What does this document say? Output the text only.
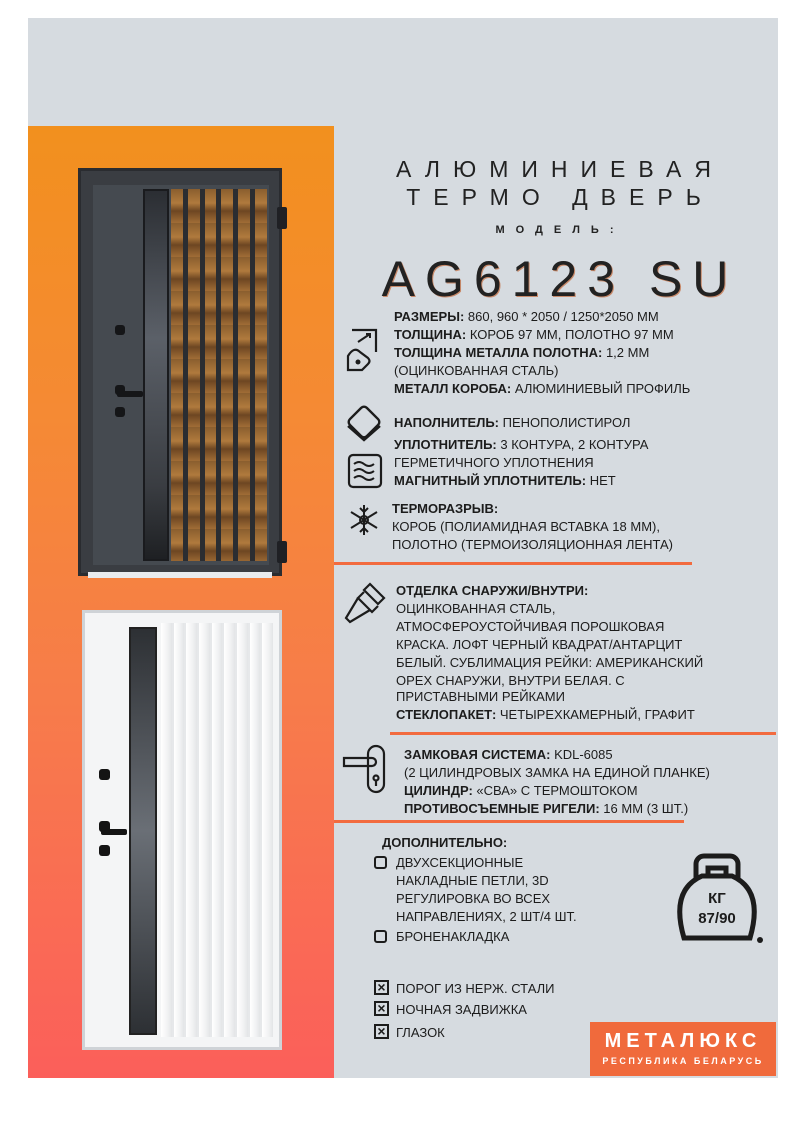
АЛЮМИНИЕВАЯ
ТЕРМО ДВЕРЬ
МОДЕЛЬ:
AG6123 SU
КГ
87/90
РАЗМЕРЫ: 860, 960 * 2050 / 1250*2050 ММ
ТОЛЩИНА: КОРОБ 97 ММ, ПОЛОТНО 97 ММ
ТОЛЩИНА МЕТАЛЛА ПОЛОТНА: 1,2 ММ
(ОЦИНКОВАННАЯ СТАЛЬ)
МЕТАЛЛ КОРОБА: АЛЮМИНИЕВЫЙ ПРОФИЛЬ
НАПОЛНИТЕЛЬ: ПЕНОПОЛИСТИРОЛ
УПЛОТНИТЕЛЬ: 3 КОНТУРА, 2 КОНТУРА
ГЕРМЕТИЧНОГО УПЛОТНЕНИЯ
МАГНИТНЫЙ УПЛОТНИТЕЛЬ: НЕТ
ТЕРМОРАЗРЫВ:
КОРОБ (ПОЛИАМИДНАЯ ВСТАВКА 18 ММ),
ПОЛОТНО (ТЕРМОИЗОЛЯЦИОННАЯ ЛЕНТА)
ОТДЕЛКА СНАРУЖИ/ВНУТРИ:
ОЦИНКОВАННАЯ СТАЛЬ,
АТМОСФЕРОУСТОЙЧИВАЯ ПОРОШКОВАЯ
КРАСКА. ЛОФТ ЧЕРНЫЙ КВАДРАТ/АНТАРЦИТ
БЕЛЫЙ. СУБЛИМАЦИЯ РЕЙКИ: АМЕРИКАНСКИЙ
ОРЕХ СНАРУЖИ, ВНУТРИ БЕЛАЯ. С
ПРИСТАВНЫМИ РЕЙКАМИ
СТЕКЛОПАКЕТ: ЧЕТЫРЕХКАМЕРНЫЙ, ГРАФИТ
ЗАМКОВАЯ СИСТЕМА: KDL-6085
(2 ЦИЛИНДРОВЫХ ЗАМКА НА ЕДИНОЙ ПЛАНКЕ)
ЦИЛИНДР: «СВА» С ТЕРМОШТОКОМ
ПРОТИВОСЪЕМНЫЕ РИГЕЛИ: 16 ММ (3 ШТ.)
ДОПОЛНИТЕЛЬНО:
ДВУХСЕКЦИОННЫЕ
НАКЛАДНЫЕ ПЕТЛИ, 3D
РЕГУЛИРОВКА ВО ВСЕХ
НАПРАВЛЕНИЯХ, 2 ШТ/4 ШТ.
БРОНЕНАКЛАДКА
× ПОРОГ ИЗ НЕРЖ. СТАЛИ
× НОЧНАЯ ЗАДВИЖКА
× ГЛАЗОК	МЕТАЛЮКС
РЕСПУБЛИКА БЕЛАРУСЬ
